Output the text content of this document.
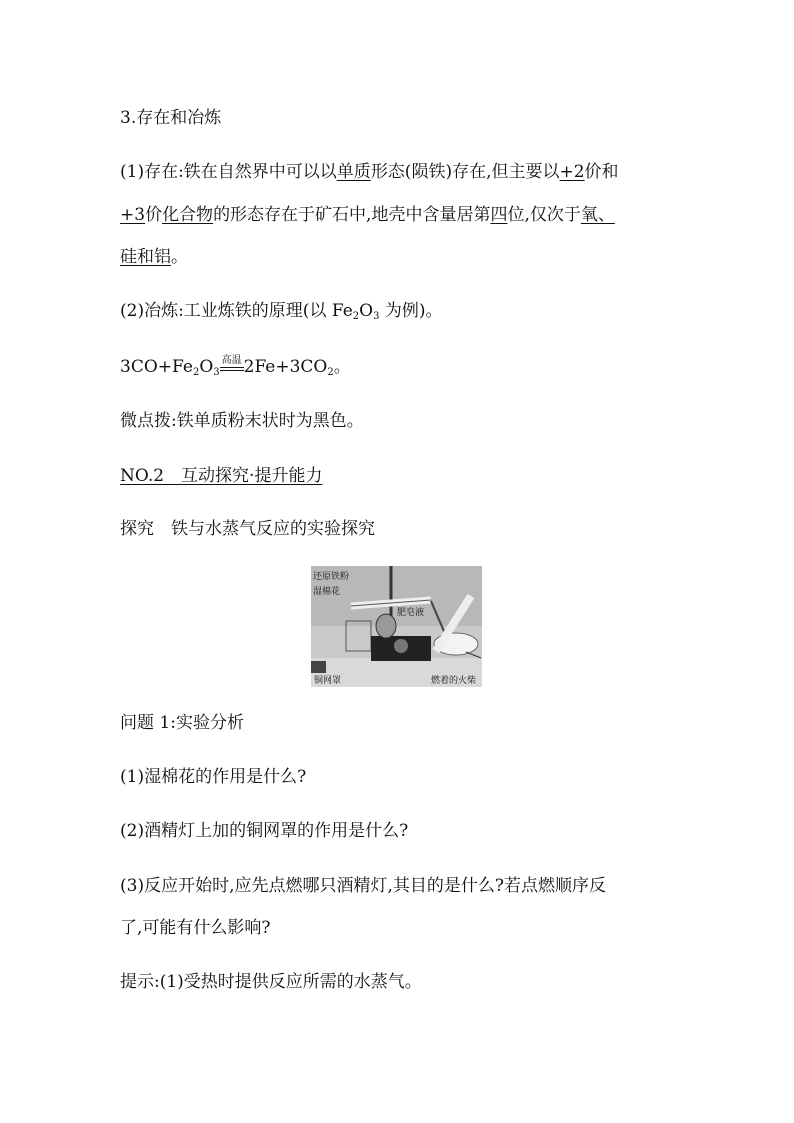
3.存在和冶炼
(1)存在:铁在自然界中可以以单质形态(陨铁)存在,但主要以+2价和
+3价化合物的形态存在于矿石中,地壳中含量居第四位,仅次于氧、
硅和铝。
(2)冶炼:工业炼铁的原理(以 $Fe_2O_3$ 为例)。
$3CO+Fe_2O_3$
高温 $2Fe+3CO_2$。
微点拨:铁单质粉末状时为黑色。
NO.2　互动探究·提升能力
探究　铁与水蒸气反应的实验探究
还原铁粉
湿棉花
肥皂液
铜网罩	燃着的火柴
问题 1:实验分析
(1)湿棉花的作用是什么?
(2)酒精灯上加的铜网罩的作用是什么?
(3)反应开始时,应先点燃哪只酒精灯,其目的是什么?若点燃顺序反
了,可能有什么影响?
提示:(1)受热时提供反应所需的水蒸气。
